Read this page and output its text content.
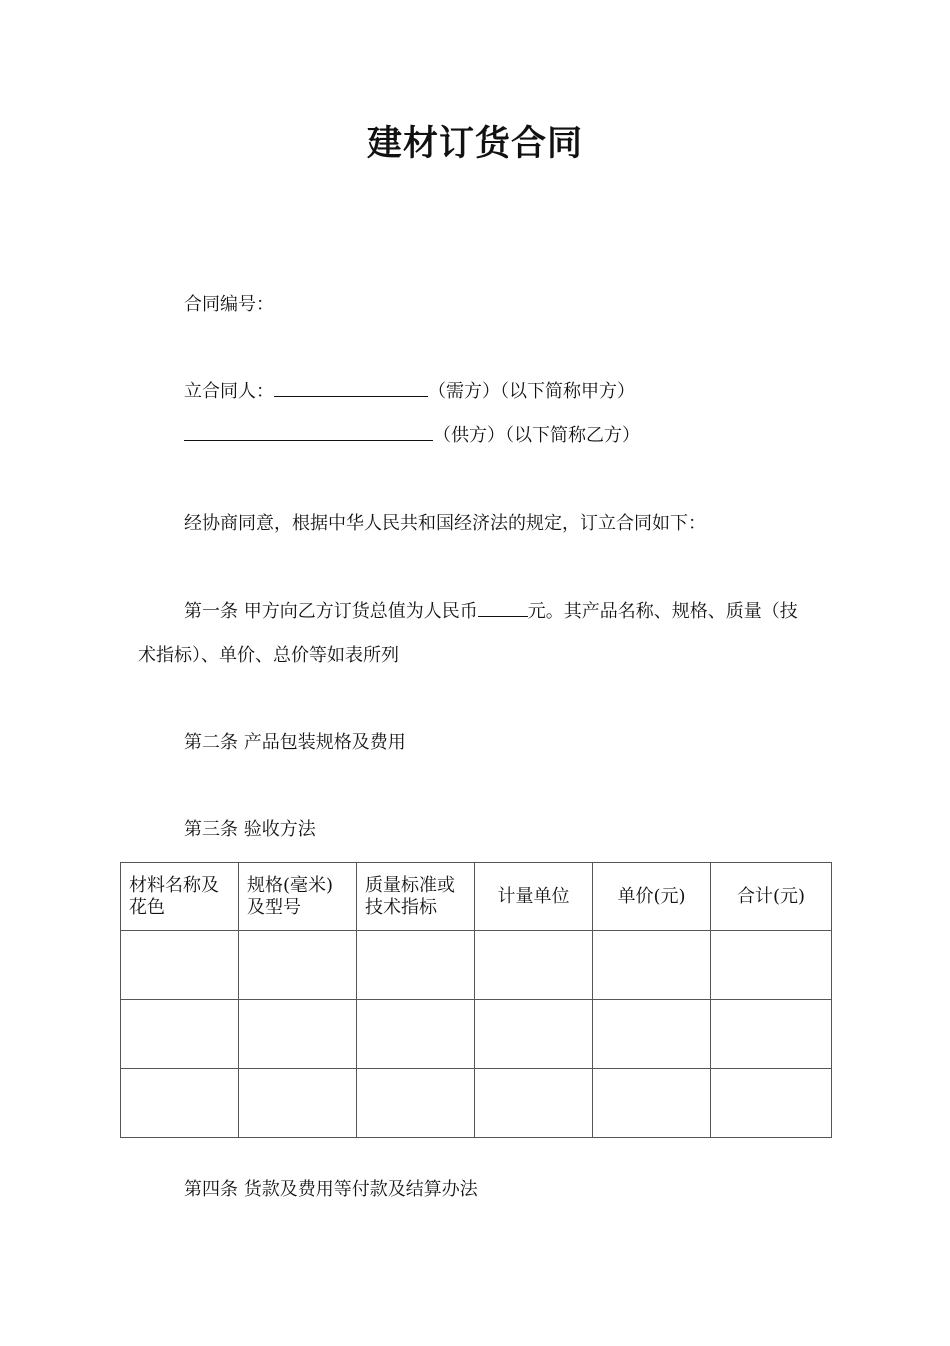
建材订货合同
合同编号：
立合同人：	（需方）（以下简称甲方）
（供方）（以下简称乙方）
经协商同意，根据中华人民共和国经济法的规定，订立合同如下：
第一条 甲方向乙方订货总值为人民币	元。其产品名称、规格、质量（技
术指标）、单价、总价等如表所列
第二条 产品包装规格及费用
第三条 验收方法
材料名称及花色	规格(毫米)及型号	质量标准或技术指标	计量单位	单价(元)	合计(元)

第四条 货款及费用等付款及结算办法
